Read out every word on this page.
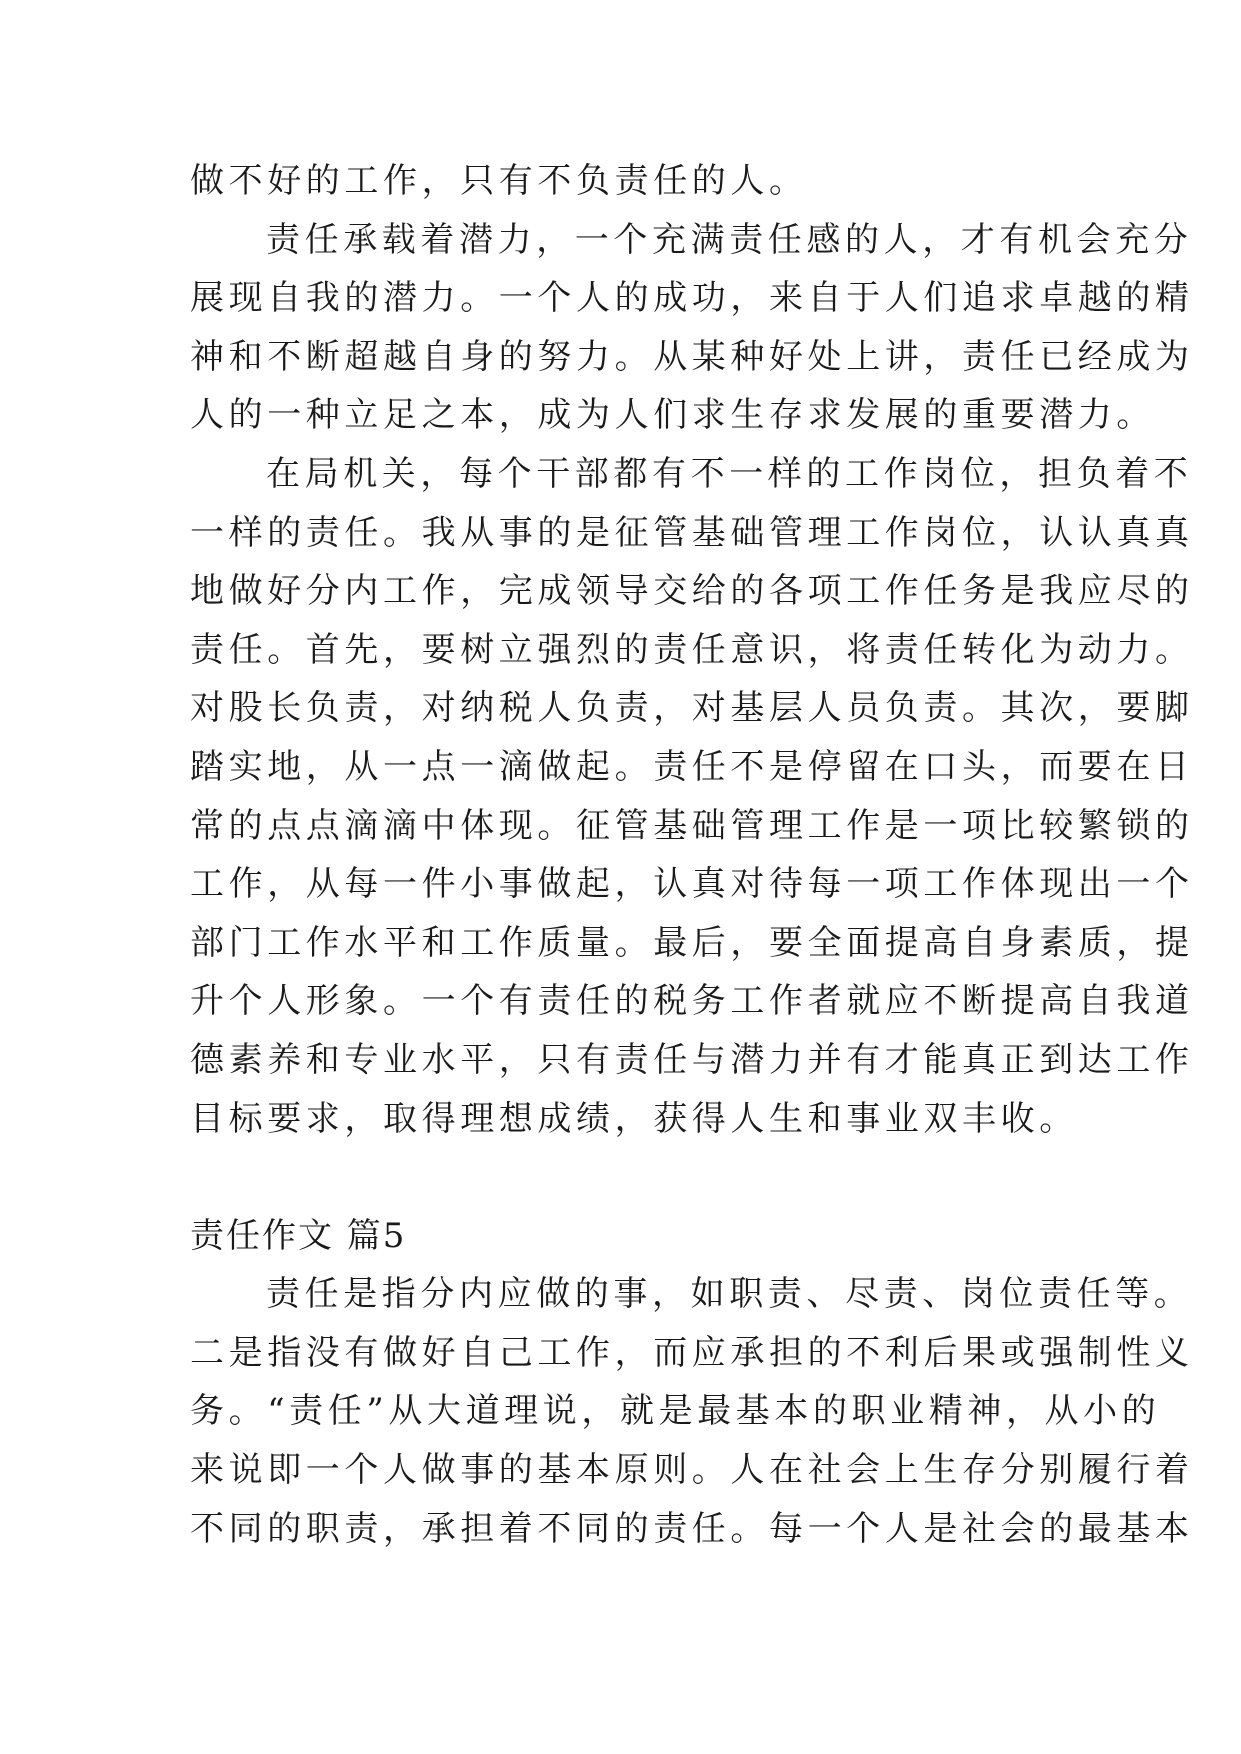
做不好的工作，只有不负责任的人。
责任承载着潜力，一个充满责任感的人，才有机会充分
展现自我的潜力。一个人的成功，来自于人们追求卓越的精
神和不断超越自身的努力。从某种好处上讲，责任已经成为
人的一种立足之本，成为人们求生存求发展的重要潜力。
在局机关，每个干部都有不一样的工作岗位，担负着不
一样的责任。我从事的是征管基础管理工作岗位，认认真真
地做好分内工作，完成领导交给的各项工作任务是我应尽的
责任。首先，要树立强烈的责任意识，将责任转化为动力。
对股长负责，对纳税人负责，对基层人员负责。其次，要脚
踏实地，从一点一滴做起。责任不是停留在口头，而要在日
常的点点滴滴中体现。征管基础管理工作是一项比较繁锁的
工作，从每一件小事做起，认真对待每一项工作体现出一个
部门工作水平和工作质量。最后，要全面提高自身素质，提
升个人形象。一个有责任的税务工作者就应不断提高自我道
德素养和专业水平，只有责任与潜力并有才能真正到达工作
目标要求，取得理想成绩，获得人生和事业双丰收。
责任作文 篇5
责任是指分内应做的事，如职责、尽责、岗位责任等。
二是指没有做好自己工作，而应承担的不利后果或强制性义
务。“责任”从大道理说，就是最基本的职业精神，从小的
来说即一个人做事的基本原则。人在社会上生存分别履行着
不同的职责，承担着不同的责任。每一个人是社会的最基本
